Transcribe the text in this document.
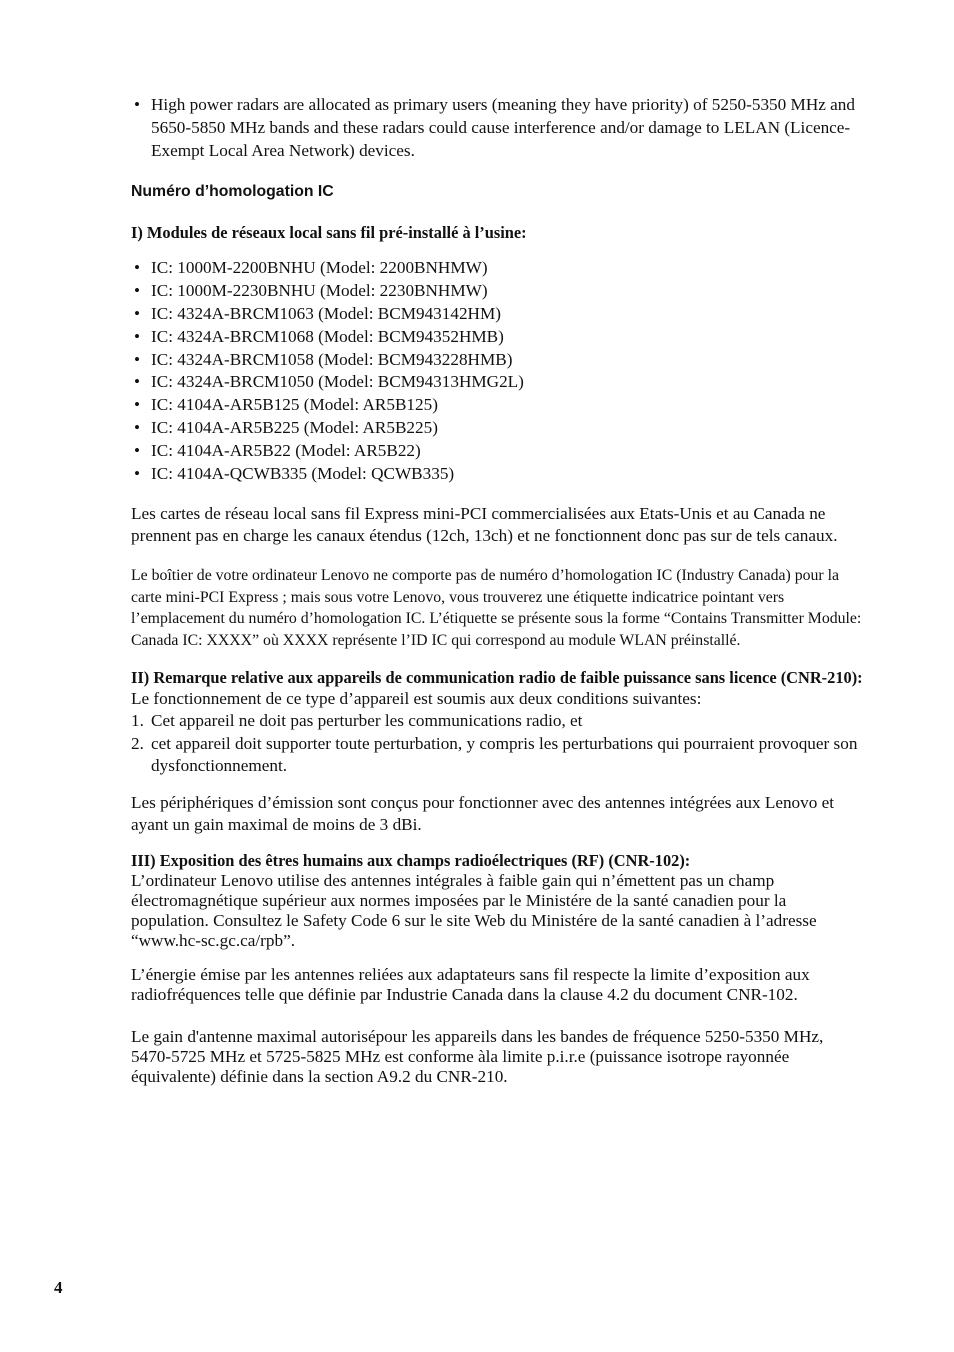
• High power radars are allocated as primary users (meaning they have priority) of 5250-5350 MHz and 5650-5850 MHz bands and these radars could cause interference and/or damage to LELAN (Licence-Exempt Local Area Network) devices.
Numéro d’homologation IC
I) Modules de réseaux local sans fil pré-installé à l’usine:
• IC: 1000M-2200BNHU (Model: 2200BNHMW)
• IC: 1000M-2230BNHU (Model: 2230BNHMW)
• IC: 4324A-BRCM1063 (Model: BCM943142HM)
• IC: 4324A-BRCM1068 (Model: BCM94352HMB)
• IC: 4324A-BRCM1058 (Model: BCM943228HMB)
• IC: 4324A-BRCM1050 (Model: BCM94313HMG2L)
• IC: 4104A-AR5B125 (Model: AR5B125)
• IC: 4104A-AR5B225 (Model: AR5B225)
• IC: 4104A-AR5B22 (Model: AR5B22)
• IC: 4104A-QCWB335 (Model: QCWB335)

Les cartes de réseau local sans fil Express mini-PCI commercialisées aux Etats-Unis et au Canada ne prennent pas en charge les canaux étendus (12ch, 13ch) et ne fonctionnent donc pas sur de tels canaux.

Le boîtier de votre ordinateur Lenovo ne comporte pas de numéro d’homologation IC (Industry Canada) pour la carte mini-PCI Express ; mais sous votre Lenovo, vous trouverez une étiquette indicatrice pointant vers l’emplacement du numéro d’homologation IC. L’étiquette se présente sous la forme “Contains Transmitter Module: Canada IC: XXXX” où XXXX représente l’ID IC qui correspond au module WLAN préinstallé.

II) Remarque relative aux appareils de communication radio de faible puissance sans licence (CNR-210):

Le fonctionnement de ce type d’appareil est soumis aux deux conditions suivantes:

1. Cet appareil ne doit pas perturber les communications radio, et
2. cet appareil doit supporter toute perturbation, y compris les perturbations qui pourraient provoquer son dysfonctionnement.

Les périphériques d’émission sont conçus pour fonctionner avec des antennes intégrées aux Lenovo et ayant un gain maximal de moins de 3 dBi.

III) Exposition des êtres humains aux champs radioélectriques (RF) (CNR-102):

L’ordinateur Lenovo utilise des antennes intégrales à faible gain qui n’émettent pas un champ électromagnétique supérieur aux normes imposées par le Ministére de la santé canadien pour la population. Consultez le Safety Code 6 sur le site Web du Ministére de la santé canadien à l’adresse “www.hc-sc.gc.ca/rpb”.

L’énergie émise par les antennes reliées aux adaptateurs sans fil respecte la limite d’exposition aux radiofréquences telle que définie par Industrie Canada dans la clause 4.2 du document CNR-102.

Le gain d'antenne maximal autorisépour les appareils dans les bandes de fréquence 5250-5350 MHz, 5470-5725 MHz et 5725-5825 MHz est conforme àla limite p.i.r.e (puissance isotrope rayonnée équivalente) définie dans la section A9.2 du CNR-210.

4
